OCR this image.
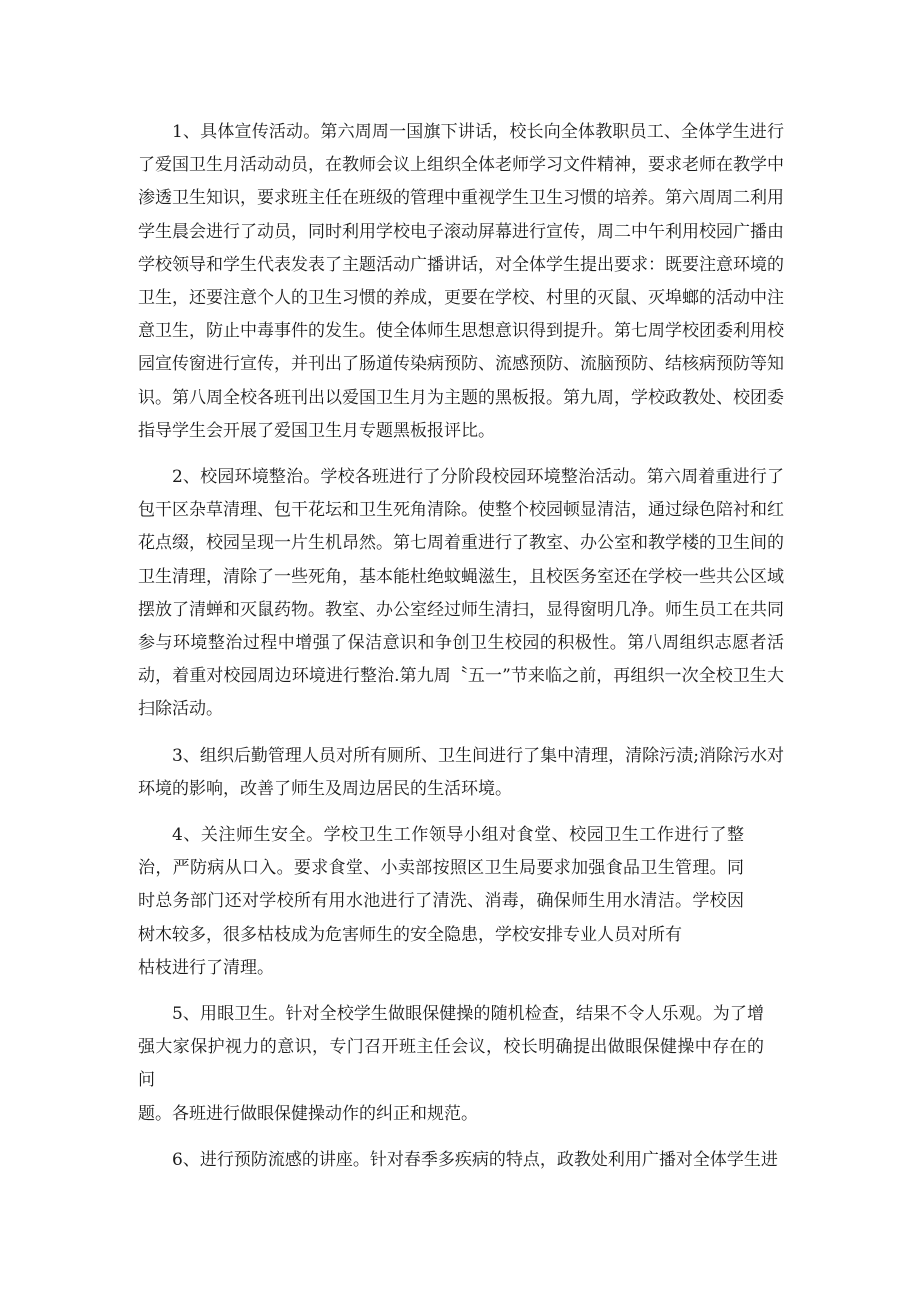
1、具体宣传活动。第六周周一国旗下讲话，校长向全体教职员工、全体学生进行了爱国卫生月活动动员，在教师会议上组织全体老师学习文件精神，要求老师在教学中渗透卫生知识，要求班主任在班级的管理中重视学生卫生习惯的培养。第六周周二利用学生晨会进行了动员，同时利用学校电子滚动屏幕进行宣传，周二中午利用校园广播由学校领导和学生代表发表了主题活动广播讲话，对全体学生提出要求：既要注意环境的卫生，还要注意个人的卫生习惯的养成，更要在学校、村里的灭鼠、灭埠螂的活动中注意卫生，防止中毒事件的发生。使全体师生思想意识得到提升。第七周学校团委利用校园宣传窗进行宣传，并刊出了肠道传染病预防、流感预防、流脑预防、结核病预防等知识。第八周全校各班刊出以爱国卫生月为主题的黑板报。第九周，学校政教处、校团委指导学生会开展了爱国卫生月专题黑板报评比。

2、校园环境整治。学校各班进行了分阶段校园环境整治活动。第六周着重进行了包干区杂草清理、包干花坛和卫生死角清除。使整个校园顿显清洁，通过绿色陪衬和红花点缀，校园呈现一片生机昂然。第七周着重进行了教室、办公室和教学楼的卫生间的卫生清理，清除了一些死角，基本能杜绝蚊蝇滋生，且校医务室还在学校一些共公区域摆放了清蝉和灭鼠药物。教室、办公室经过师生清扫，显得窗明几净。师生员工在共同参与环境整治过程中增强了保洁意识和争创卫生校园的积极性。第八周组织志愿者活动，着重对校园周边环境进行整治.第九周〝五一”节来临之前，再组织一次全校卫生大扫除活动。

3、组织后勤管理人员对所有厕所、卫生间进行了集中清理，清除污渍;消除污水对环境的影响，改善了师生及周边居民的生活环境。

4、关注师生安全。学校卫生工作领导小组对食堂、校园卫生工作进行了整治，严防病从口入。要求食堂、小卖部按照区卫生局要求加强食品卫生管理。同时总务部门还对学校所有用水池进行了清洗、消毒，确保师生用水清洁。学校因树木较多，很多枯枝成为危害师生的安全隐患，学校安排专业人员对所有
枯枝进行了清理。
5、用眼卫生。针对全校学生做眼保健操的随机检查，结果不令人乐观。为了增强大家保护视力的意识，专门召开班主任会议，校长明确提出做眼保健操中存在的问
题。各班进行做眼保健操动作的纠正和规范。

6、进行预防流感的讲座。针对春季多疾病的特点，政教处利用广播对全体学生进
